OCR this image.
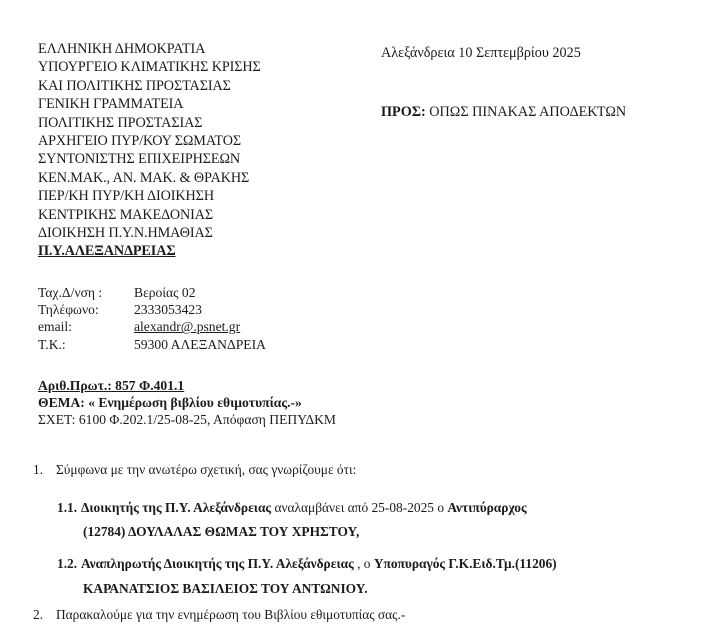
ΕΛΛΗΝΙΚΗ ΔΗΜΟΚΡΑΤΙΑ
ΥΠΟΥΡΓΕΙΟ ΚΛΙΜΑΤΙΚΗΣ ΚΡΙΣΗΣ
ΚΑΙ ΠΟΛΙΤΙΚΗΣ ΠΡΟΣΤΑΣΙΑΣ
ΓΕΝΙΚΗ ΓΡΑΜΜΑΤΕΙΑ
ΠΟΛΙΤΙΚΗΣ ΠΡΟΣΤΑΣΙΑΣ
ΑΡΧΗΓΕΙΟ ΠΥΡ/ΚΟΥ ΣΩΜΑΤΟΣ
ΣΥΝΤΟΝΙΣΤΗΣ ΕΠΙΧΕΙΡΗΣΕΩΝ
ΚΕΝ.ΜΑΚ., ΑΝ. ΜΑΚ. & ΘΡΑΚΗΣ
ΠΕΡ/ΚΗ ΠΥΡ/ΚΗ ΔΙΟΙΚΗΣΗ
ΚΕΝΤΡΙΚΗΣ ΜΑΚΕΔΟΝΙΑΣ
ΔΙΟΙΚΗΣΗ Π.Υ.Ν.ΗΜΑΘΙΑΣ
Π.Υ.ΑΛΕΞΑΝΔΡΕΙΑΣ
Αλεξάνδρεια 10 Σεπτεμβρίου 2025
ΠΡΟΣ: ΟΠΩΣ ΠΙΝΑΚΑΣ ΑΠΟΔΕΚΤΩΝ
Ταχ.Δ/νση :	Βεροίας 02
Τηλέφωνο:	2333053423
email:	alexandr@.psnet.gr
Τ.Κ.:	59300 ΑΛΕΞΑΝΔΡΕΙΑ
Αριθ.Πρωτ.: 857 Φ.401.1
ΘΕΜΑ: « Ενημέρωση βιβλίου εθιμοτυπίας.-»
ΣΧΕΤ: 6100 Φ.202.1/25-08-25, Απόφαση ΠΕΠΥΔΚΜ
1. Σύμφωνα με την ανωτέρω σχετική, σας γνωρίζουμε ότι:
1.1. Διοικητής της Π.Υ. Αλεξάνδρειας αναλαμβάνει από 25-08-2025 ο Αντιπύραρχος
(12784) ΔΟΥΛΑΛΑΣ ΘΩΜΑΣ ΤΟΥ ΧΡΗΣΤΟΥ,
1.2. Αναπληρωτής Διοικητής της Π.Υ. Αλεξάνδρειας , ο Υποπυραγός Γ.Κ.Ειδ.Τμ.(11206)
ΚΑΡΑΝΑΤΣΙΟΣ ΒΑΣΙΛΕΙΟΣ ΤΟΥ ΑΝΤΩΝΙΟΥ.
2. Παρακαλούμε για την ενημέρωση του Βιβλίου εθιμοτυπίας σας.-
